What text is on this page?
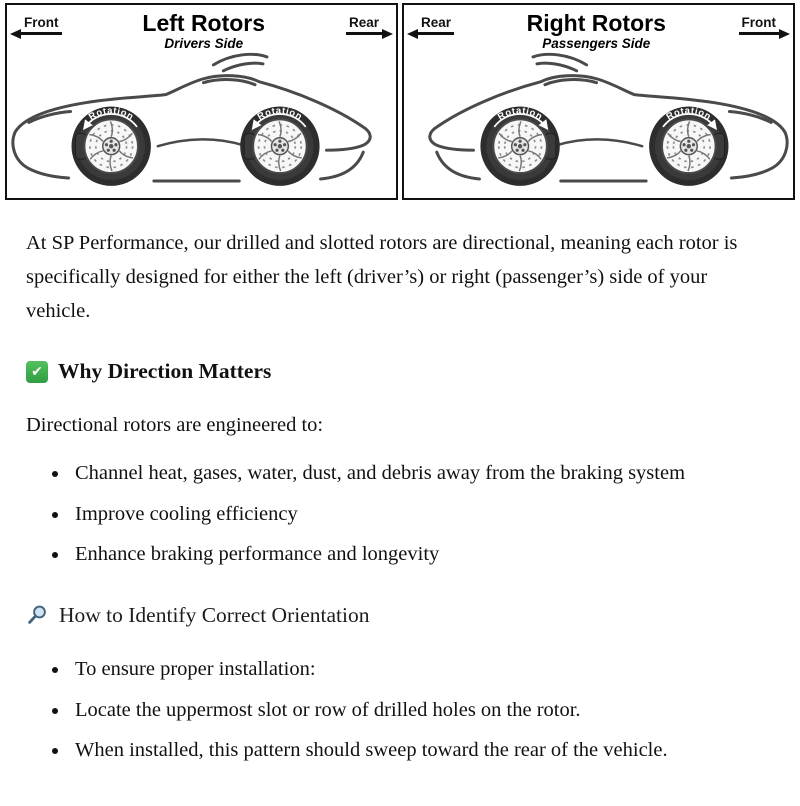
Front	Left Rotors
Drivers Side
Rear
Rotation	Rotation
Rear	Right Rotors
Passengers Side
Front
Rotation	Rotation

At SP Performance, our drilled and slotted rotors are directional, meaning each rotor is specifically designed for either the left (driver’s) or right (passenger’s) side of your vehicle.

✔
Why Direction Matters

Directional rotors are engineered to:

• Channel heat, gases, water, dust, and debris away from the braking system
• Improve cooling efficiency
• Enhance braking performance and longevity
How to Identify Correct Orientation
• To ensure proper installation:
• Locate the uppermost slot or row of drilled holes on the rotor.
• When installed, this pattern should sweep toward the rear of the vehicle.
